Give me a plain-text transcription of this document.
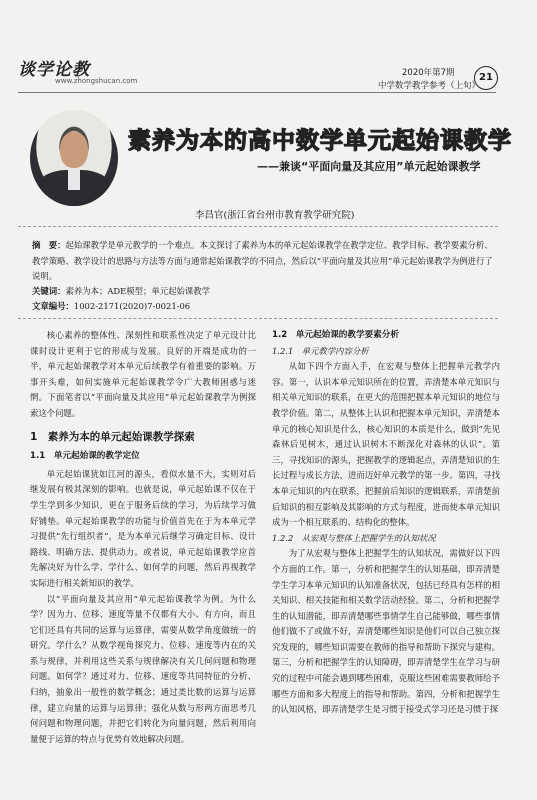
谈学论教
www.zhongshucan.com
2020年第7期
中学数学教学参考（上旬）
21
素养为本的高中数学单元起始课教学
——兼谈“平面向量及其应用”单元起始课教学
李昌官(浙江省台州市教育教学研究院)
摘　要：起始课教学是单元教学的一个难点。本文探讨了素养为本的单元起始课教学在教学定位、教学目标、教学要素分析、教学策略、教学设计的思路与方法等方面与通常起始课教学的不同点，然后以“平面向量及其应用”单元起始课教学为例进行了说明。
关键词：素养为本；ADE模型；单元起始课教学
文章编号：1002-2171(2020)7-0021-06

核心素养的整体性、深刻性和联系性决定了单元设计比课时设计更利于它的形成与发展。良好的开端是成功的一半，单元起始课教学对本单元后续教学有着重要的影响。万事开头难，如何实施单元起始课教学令广大教师困惑与迷惘。下面笔者以“平面向量及其应用”单元起始课教学为例探索这个问题。

1　素养为本的单元起始课教学探索
1.1　单元起始课的教学定位

单元起始课犹如江河的源头，看似水量不大，实则对后继发展有极其深刻的影响。也就是说，单元起始课不仅在于学生学到多少知识，更在于服务后续的学习，为后续学习做好铺垫。单元起始课教学的功能与价值首先在于为本单元学习提供“先行组织者”，是为本单元后继学习确定目标、设计路线、明确方法、提供动力。或者说，单元起始课教学应首先解决好为什么学、学什么、如何学的问题，然后再视教学实际进行相关新知识的教学。

以“平面向量及其应用”单元起始课教学为例。为什么学？因为力、位移、速度等量不仅都有大小、有方向，而且它们还具有共同的运算与运算律，需要从数学角度做统一的研究。学什么？从数学视角探究力、位移、速度等内在的关系与规律，并利用这些关系与规律解决有关几何问题和物理问题。如何学？通过对力、位移、速度等共同特征的分析、归纳，抽象出一般性的数学概念；通过类比数的运算与运算律，建立向量的运算与运算律；强化从数与形两方面思考几何问题和物理问题，并把它们转化为向量问题，然后利用向量便于运算的特点与优势有效地解决问题。

1.2　单元起始课的教学要素分析
1.2.1　单元教学内容分析

从如下四个方面入手，在宏观与整体上把握单元教学内容。第一，认识本单元知识所在的位置，弄清楚本单元知识与相关单元知识的联系，在更大的范围把握本单元知识的地位与教学价值。第二，从整体上认识和把握本单元知识，弄清楚本单元的核心知识是什么，核心知识的本质是什么，做到“先见森林后见树木，通过认识树木不断深化对森林的认识”。第三，寻找知识的源头，把握教学的逻辑起点，弄清楚知识的生长过程与成长方法，进而迈好单元教学的第一步。第四，寻找本单元知识的内在联系，把握前后知识的逻辑联系，弄清楚前后知识的相互影响及其影响的方式与程度，进而使本单元知识成为一个相互联系的、结构化的整体。

1.2.2　从宏观与整体上把握学生的认知状况

为了从宏观与整体上把握学生的认知状况，需做好以下四个方面的工作。第一，分析和把握学生的认知基础，即弄清楚学生学习本单元知识的认知准备状况，包括已经具有怎样的相关知识、相关技能和相关数学活动经验。第二，分析和把握学生的认知潜能，即弄清楚哪些事情学生自己能够做，哪些事情他们做不了或做不好，弄清楚哪些知识是他们可以自己独立探究发现的，哪些知识需要在教师的指导和帮助下探究与建构。第三，分析和把握学生的认知障碍，即弄清楚学生在学习与研究的过程中可能会遇到哪些困难，克服这些困难需要教师给予哪些方面和多大程度上的指导和帮助。第四，分析和把握学生的认知风格，即弄清楚学生是习惯于接受式学习还是习惯于探
